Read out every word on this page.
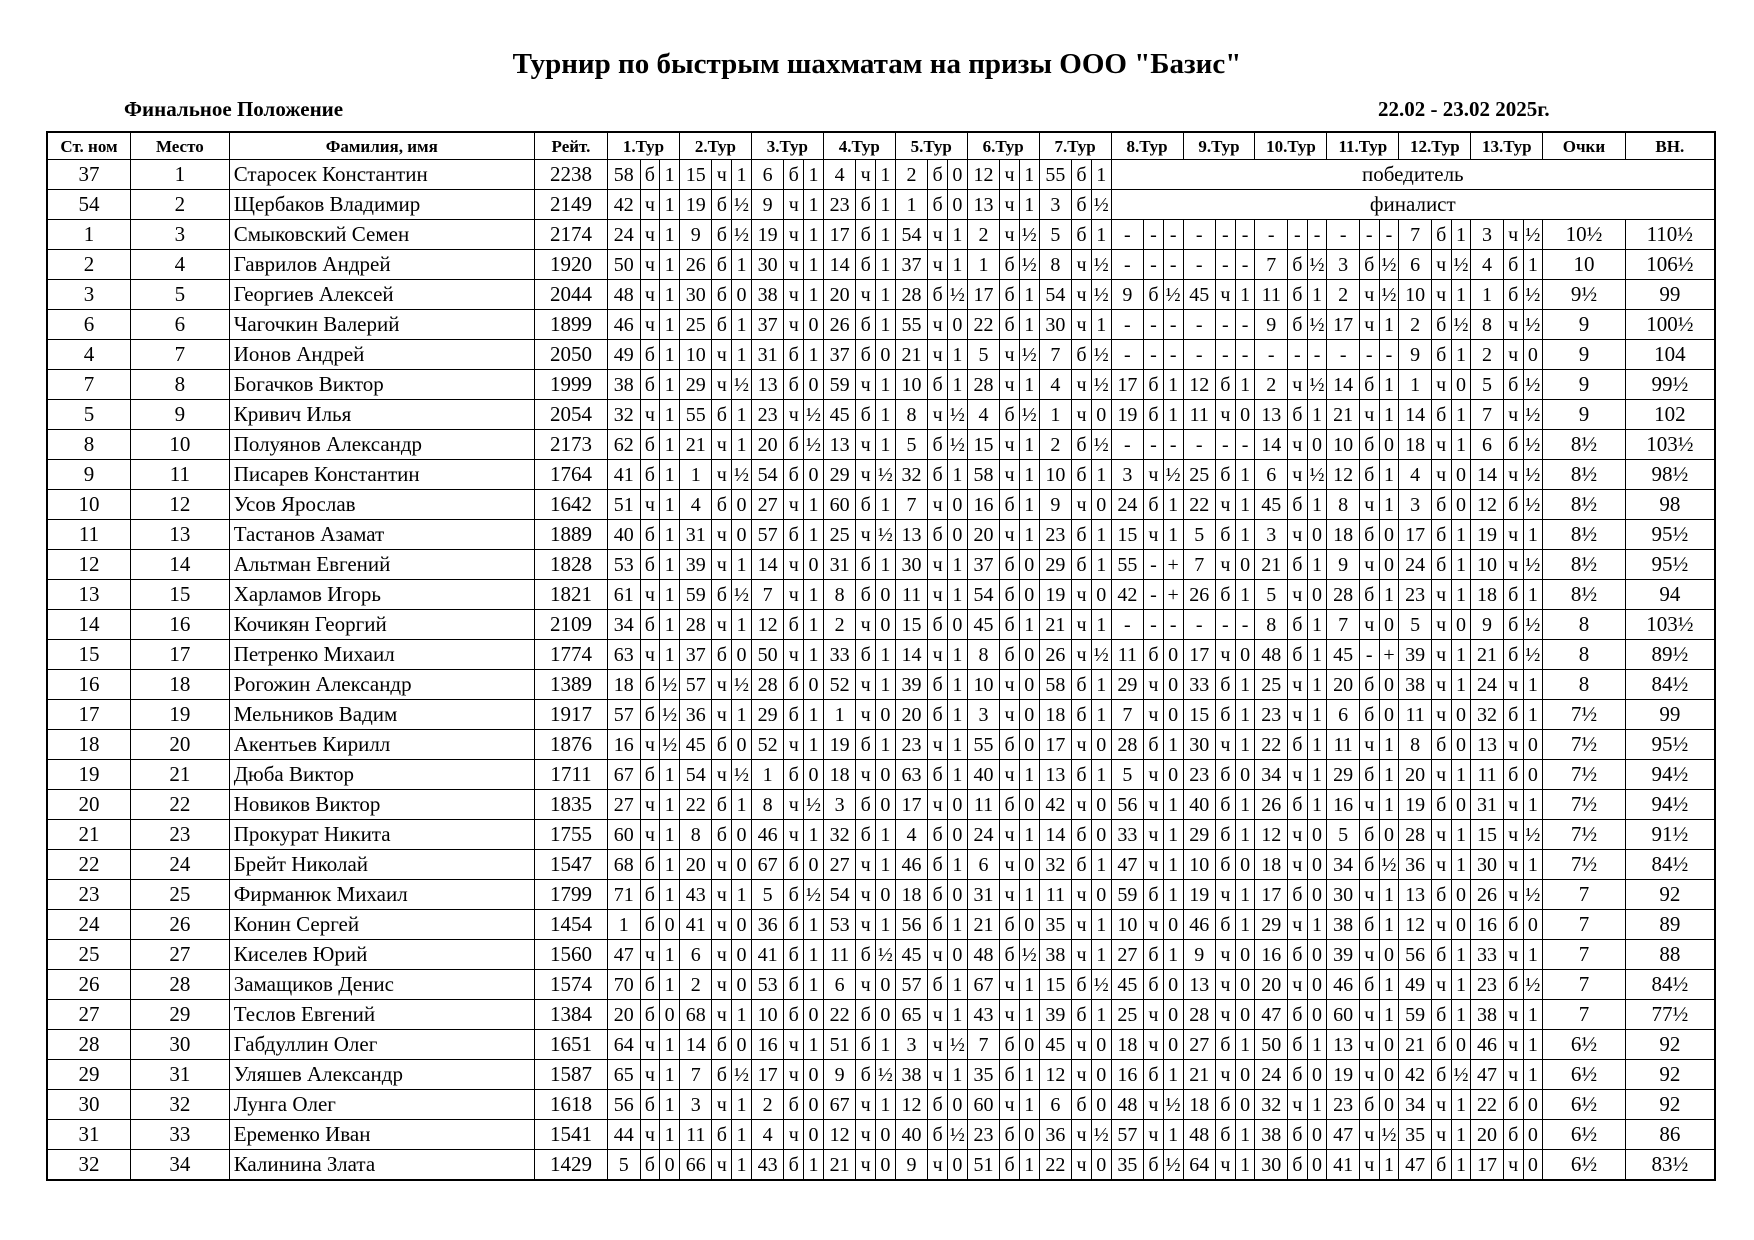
Турнир по быстрым шахматам на призы ООО "Базис"
Финальное Положение	22.02 - 23.02 2025г.
Ст. ном	Место	Фамилия, имя	Рейт.	1.Тур			2.Тур			3.Тур			4.Тур			5.Тур			6.Тур			7.Тур			8.Тур			9.Тур			10.Тур			11.Тур			12.Тур			13.Тур			Очки	ВН.
37	1	Старосек Константин	2238	58	б	1	15	ч	1	6	б	1	4	ч	1	2	б	0	12	ч	1	55	б	1	победитель																			
54	2	Щербаков Владимир	2149	42	ч	1	19	б	½	9	ч	1	23	б	1	1	б	0	13	ч	1	3	б	½	финалист																			
1	3	Смыковский Семен	2174	24	ч	1	9	б	½	19	ч	1	17	б	1	54	ч	1	2	ч	½	5	б	1	-	-	-	-	-	-	-	-	-	-	-	-	7	б	1	3	ч	½	10½	110½
2	4	Гаврилов Андрей	1920	50	ч	1	26	б	1	30	ч	1	14	б	1	37	ч	1	1	б	½	8	ч	½	-	-	-	-	-	-	7	б	½	3	б	½	6	ч	½	4	б	1	10	106½
3	5	Георгиев Алексей	2044	48	ч	1	30	б	0	38	ч	1	20	ч	1	28	б	½	17	б	1	54	ч	½	9	б	½	45	ч	1	11	б	1	2	ч	½	10	ч	1	1	б	½	9½	99
6	6	Чагочкин Валерий	1899	46	ч	1	25	б	1	37	ч	0	26	б	1	55	ч	0	22	б	1	30	ч	1	-	-	-	-	-	-	9	б	½	17	ч	1	2	б	½	8	ч	½	9	100½
4	7	Ионов Андрей	2050	49	б	1	10	ч	1	31	б	1	37	б	0	21	ч	1	5	ч	½	7	б	½	-	-	-	-	-	-	-	-	-	-	-	-	9	б	1	2	ч	0	9	104
7	8	Богачков Виктор	1999	38	б	1	29	ч	½	13	б	0	59	ч	1	10	б	1	28	ч	1	4	ч	½	17	б	1	12	б	1	2	ч	½	14	б	1	1	ч	0	5	б	½	9	99½
5	9	Кривич Илья	2054	32	ч	1	55	б	1	23	ч	½	45	б	1	8	ч	½	4	б	½	1	ч	0	19	б	1	11	ч	0	13	б	1	21	ч	1	14	б	1	7	ч	½	9	102
8	10	Полуянов Александр	2173	62	б	1	21	ч	1	20	б	½	13	ч	1	5	б	½	15	ч	1	2	б	½	-	-	-	-	-	-	14	ч	0	10	б	0	18	ч	1	6	б	½	8½	103½
9	11	Писарев Константин	1764	41	б	1	1	ч	½	54	б	0	29	ч	½	32	б	1	58	ч	1	10	б	1	3	ч	½	25	б	1	6	ч	½	12	б	1	4	ч	0	14	ч	½	8½	98½
10	12	Усов Ярослав	1642	51	ч	1	4	б	0	27	ч	1	60	б	1	7	ч	0	16	б	1	9	ч	0	24	б	1	22	ч	1	45	б	1	8	ч	1	3	б	0	12	б	½	8½	98
11	13	Тастанов Азамат	1889	40	б	1	31	ч	0	57	б	1	25	ч	½	13	б	0	20	ч	1	23	б	1	15	ч	1	5	б	1	3	ч	0	18	б	0	17	б	1	19	ч	1	8½	95½
12	14	Альтман Евгений	1828	53	б	1	39	ч	1	14	ч	0	31	б	1	30	ч	1	37	б	0	29	б	1	55	-	+	7	ч	0	21	б	1	9	ч	0	24	б	1	10	ч	½	8½	95½
13	15	Харламов Игорь	1821	61	ч	1	59	б	½	7	ч	1	8	б	0	11	ч	1	54	б	0	19	ч	0	42	-	+	26	б	1	5	ч	0	28	б	1	23	ч	1	18	б	1	8½	94
14	16	Кочикян Георгий	2109	34	б	1	28	ч	1	12	б	1	2	ч	0	15	б	0	45	б	1	21	ч	1	-	-	-	-	-	-	8	б	1	7	ч	0	5	ч	0	9	б	½	8	103½
15	17	Петренко Михаил	1774	63	ч	1	37	б	0	50	ч	1	33	б	1	14	ч	1	8	б	0	26	ч	½	11	б	0	17	ч	0	48	б	1	45	-	+	39	ч	1	21	б	½	8	89½
16	18	Рогожин Александр	1389	18	б	½	57	ч	½	28	б	0	52	ч	1	39	б	1	10	ч	0	58	б	1	29	ч	0	33	б	1	25	ч	1	20	б	0	38	ч	1	24	ч	1	8	84½
17	19	Мельников Вадим	1917	57	б	½	36	ч	1	29	б	1	1	ч	0	20	б	1	3	ч	0	18	б	1	7	ч	0	15	б	1	23	ч	1	6	б	0	11	ч	0	32	б	1	7½	99
18	20	Акентьев Кирилл	1876	16	ч	½	45	б	0	52	ч	1	19	б	1	23	ч	1	55	б	0	17	ч	0	28	б	1	30	ч	1	22	б	1	11	ч	1	8	б	0	13	ч	0	7½	95½
19	21	Дюба Виктор	1711	67	б	1	54	ч	½	1	б	0	18	ч	0	63	б	1	40	ч	1	13	б	1	5	ч	0	23	б	0	34	ч	1	29	б	1	20	ч	1	11	б	0	7½	94½
20	22	Новиков Виктор	1835	27	ч	1	22	б	1	8	ч	½	3	б	0	17	ч	0	11	б	0	42	ч	0	56	ч	1	40	б	1	26	б	1	16	ч	1	19	б	0	31	ч	1	7½	94½
21	23	Прокурат Никита	1755	60	ч	1	8	б	0	46	ч	1	32	б	1	4	б	0	24	ч	1	14	б	0	33	ч	1	29	б	1	12	ч	0	5	б	0	28	ч	1	15	ч	½	7½	91½
22	24	Брейт Николай	1547	68	б	1	20	ч	0	67	б	0	27	ч	1	46	б	1	6	ч	0	32	б	1	47	ч	1	10	б	0	18	ч	0	34	б	½	36	ч	1	30	ч	1	7½	84½
23	25	Фирманюк Михаил	1799	71	б	1	43	ч	1	5	б	½	54	ч	0	18	б	0	31	ч	1	11	ч	0	59	б	1	19	ч	1	17	б	0	30	ч	1	13	б	0	26	ч	½	7	92
24	26	Конин Сергей	1454	1	б	0	41	ч	0	36	б	1	53	ч	1	56	б	1	21	б	0	35	ч	1	10	ч	0	46	б	1	29	ч	1	38	б	1	12	ч	0	16	б	0	7	89
25	27	Киселев Юрий	1560	47	ч	1	6	ч	0	41	б	1	11	б	½	45	ч	0	48	б	½	38	ч	1	27	б	1	9	ч	0	16	б	0	39	ч	0	56	б	1	33	ч	1	7	88
26	28	Замащиков Денис	1574	70	б	1	2	ч	0	53	б	1	6	ч	0	57	б	1	67	ч	1	15	б	½	45	б	0	13	ч	0	20	ч	0	46	б	1	49	ч	1	23	б	½	7	84½
27	29	Теслов Евгений	1384	20	б	0	68	ч	1	10	б	0	22	б	0	65	ч	1	43	ч	1	39	б	1	25	ч	0	28	ч	0	47	б	0	60	ч	1	59	б	1	38	ч	1	7	77½
28	30	Габдуллин Олег	1651	64	ч	1	14	б	0	16	ч	1	51	б	1	3	ч	½	7	б	0	45	ч	0	18	ч	0	27	б	1	50	б	1	13	ч	0	21	б	0	46	ч	1	6½	92
29	31	Уляшев Александр	1587	65	ч	1	7	б	½	17	ч	0	9	б	½	38	ч	1	35	б	1	12	ч	0	16	б	1	21	ч	0	24	б	0	19	ч	0	42	б	½	47	ч	1	6½	92
30	32	Лунга Олег	1618	56	б	1	3	ч	1	2	б	0	67	ч	1	12	б	0	60	ч	1	6	б	0	48	ч	½	18	б	0	32	ч	1	23	б	0	34	ч	1	22	б	0	6½	92
31	33	Еременко Иван	1541	44	ч	1	11	б	1	4	ч	0	12	ч	0	40	б	½	23	б	0	36	ч	½	57	ч	1	48	б	1	38	б	0	47	ч	½	35	ч	1	20	б	0	6½	86
32	34	Калинина Злата	1429	5	б	0	66	ч	1	43	б	1	21	ч	0	9	ч	0	51	б	1	22	ч	0	35	б	½	64	ч	1	30	б	0	41	ч	1	47	б	1	17	ч	0	6½	83½
